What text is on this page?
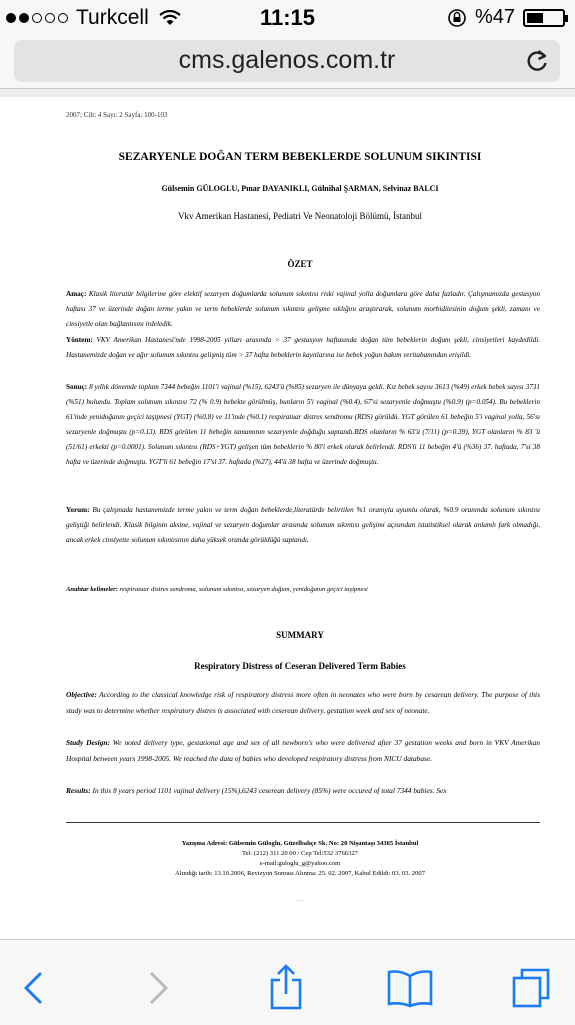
Turkcell	11:15	%47
cms.galenos.com.tr
2007; Cilt: 4 Sayı: 2 Sayfa: 100-103
SEZARYENLE DOĞAN TERM BEBEKLERDE SOLUNUM SIKINTISI
Gülsemin GÜLOGLU, Pınar DAYANIKLI, Gülnihal ŞARMAN, Selvinaz BALCI
Vkv Amerikan Hastanesi, Pediatri Ve Neonatoloji Bölümü, İstanbul
ÖZET
Amaç: Klasik literatür bilgilerine göre elektif sezaryen doğumlarda solunum sıkıntısı riski vajinal yolla doğumlara göre daha fazladır. Çalışmamızda gestasyon haftası 37 ve üzerinde doğan terme yakın ve term bebeklerde solunum sıkıntısı gelişme sıklığını araştırarak, solunum morbiditesinin doğum şekli, zamanı ve cinsiyetle olan bağlantısını irdeledik.
Yöntem: VKV Amerikan Hastanesi'nde 1998-2005 yılları arasında > 37 gestasyon haftasında doğan tüm bebeklerin doğum şekli, cinsiyetleri kaydedildi. Hastanemizde doğan ve ağır solunum sıkıntısı gelişmiş tüm > 37 hafta bebeklerin kayıtlarına ise bebek yoğun bakım veritabanından erişildi.
Sonuç: 8 yıllık dönemde toplam 7344 bebeğin 1101'i vajinal (%15), 6243'ü (%85) sezaryen ile dünyaya geldi. Kız bebek sayısı 3613 (%49) erkek bebek sayısı 3731 (%51) bulundu. Toplam solunum sıkıntısı 72 (% 0.9) bebekte görülmüş, bunların 5'i vaginal (%0.4), 67'si sezaryenle doğmuştu (%0.9) (p=0.054). Bu bebeklerin 61'inde yenidoğanın geçici taşipnesi (YGT) (%0.8) ve 11'inde (%0.1) respiratuar distres sendromu (RDS) görüldü. YGT görülen 61 bebeğin 5'i vaginal yolla, 56'sı sezaryenle doğmuştu (p=0.13). RDS görülen 11 bebeğin tamamının sezaryenle doğduğu saptandı.RDS olanların % 63'ü (7/11) (p=0.39), YGT olanların % 83 'ü (51/61) erkekti (p=0.0001). Solunum sıkıntısı (RDS+YGT) gelişen tüm bebeklerin % 80'i erkek olarak belirlendi. RDS'li 11 bebeğin 4'ü (%36) 37. haftada, 7'si 38 hafta ve üzerinde doğmuştu. YGT'li 61 bebeğin 17'si 37. haftada (%27), 44'ü 38 hafta ve üzerinde doğmuştu.
Yorum: Bu çalışmada hastanemizde terme yakın ve term doğan bebeklerde,literatürde belirtilen %1 oranıyla uyumlu olarak, %0.9 oranında solunum sıkıntısı geliştiği belirlendi. Klasik bilginin aksine, vajinal ve sezaryen doğumlar arasında solunum sıkıntısı gelişimi açısından istatistiksel olarak anlamlı fark olmadığı, ancak erkek cinsiyette solunum sıkıntısının daha yüksek oranda görüldüğü saptandı.
Anahtar kelimeler: respiratuar distres sendroma, solunum sıkıntısı, sezaryen doğum, yenidoğanın geçici taşipnesi
SUMMARY
Respiratory Distress of Ceseran Delivered Term Babies
Objective: According to the classical knowledge risk of respiratory distress more often in neonates who were born by cesarean delivery. The purpose of this study was to determine whether respiratory distres is associated with ceserean delivery, gestation week and sex of neonate.
Study Design: We noted delivery type, gestational age and sex of all newborn's who were delivered after 37 gestation weeks and born in VKV Amerikan Hospital between years 1998-2005. We reached the data of babies who developed respiratory distress from NICU database.
Results: In this 8 years period 1101 vajinal delivery (15%),6243 ceserean delivery (85%) were occured of total 7344 babies. Sex
Yazışma Adresi: Gülsemin Güloglu, Güzelbahçe Sk. No: 20 Nişantaşı 34365 İstanbul
Tel: (212) 311 20 00 / Cep Tel:532 3766327
e-mail:guloglu_g@yahoo.com
Alındığı tarih: 13.10.2006, Revizyon Sonrası Alınma: 25. 02. 2007, Kabul Edildi: 03. 03. 2007
. . .
